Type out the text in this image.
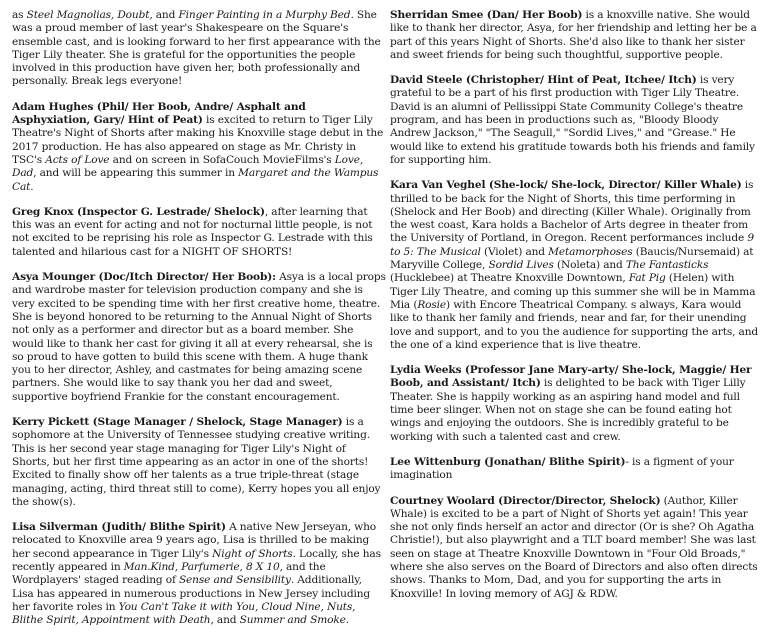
as Steel Magnolias, Doubt, and Finger Painting in a Murphy Bed. She was a proud member of last year's Shakespeare on the Square's ensemble cast, and is looking forward to her first appearance with the Tiger Lily theater. She is grateful for the opportunities the people involved in this production have given her, both professionally and personally. Break legs everyone!

Adam Hughes (Phil/ Her Boob, Andre/ Asphalt and Asphyxiation, Gary/ Hint of Peat) is excited to return to Tiger Lily Theatre's Night of Shorts after making his Knoxville stage debut in the 2017 production. He has also appeared on stage as Mr. Christy in TSC's Acts of Love and on screen in SofaCouch MovieFilms's Love, Dad, and will be appearing this summer in Margaret and the Wampus Cat.

Greg Knox (Inspector G. Lestrade/ Shelock), after learning that this was an event for acting and not for nocturnal little people, is not not excited to be reprising his role as Inspector G. Lestrade with this talented and hilarious cast for a NIGHT OF SHORTS!

Asya Mounger (Doc/Itch Director/ Her Boob): Asya is a local props and wardrobe master for television production company and she is very excited to be spending time with her first creative home, theatre. She is beyond honored to be returning to the Annual Night of Shorts not only as a performer and director but as a board member. She would like to thank her cast for giving it all at every rehearsal, she is so proud to have gotten to build this scene with them. A huge thank you to her director, Ashley, and castmates for being amazing scene partners. She would like to say thank you her dad and sweet, supportive boyfriend Frankie for the constant encouragement.

Kerry Pickett (Stage Manager / Shelock, Stage Manager) is a sophomore at the University of Tennessee studying creative writing. This is her second year stage managing for Tiger Lily's Night of Shorts, but her first time appearing as an actor in one of the shorts! Excited to finally show off her talents as a true triple-threat (stage managing, acting, third threat still to come), Kerry hopes you all enjoy the show(s).

Lisa Silverman (Judith/ Blithe Spirit) A native New Jerseyan, who relocated to Knoxville area 9 years ago, Lisa is thrilled to be making her second appearance in Tiger Lily's Night of Shorts. Locally, she has recently appeared in Man.Kind, Parfumerie, 8 X 10, and the Wordplayers' staged reading of Sense and Sensibility. Additionally, Lisa has appeared in numerous productions in New Jersey including her favorite roles in You Can't Take it with You, Cloud Nine, Nuts, Blithe Spirit, Appointment with Death, and Summer and Smoke.

Sherridan Smee (Dan/ Her Boob) is a knoxville native. She would like to thank her director, Asya, for her friendship and letting her be a part of this years Night of Shorts. She'd also like to thank her sister and sweet friends for being such thoughtful, supportive people.

David Steele (Christopher/ Hint of Peat, Itchee/ Itch) is very grateful to be a part of his first production with Tiger Lily Theatre. David is an alumni of Pellissippi State Community College's theatre program, and has been in productions such as, "Bloody Bloody Andrew Jackson," "The Seagull," "Sordid Lives," and "Grease." He would like to extend his gratitude towards both his friends and family for supporting him.

Kara Van Veghel (She-lock/ She-lock, Director/ Killer Whale) is thrilled to be back for the Night of Shorts, this time performing in (Shelock and Her Boob) and directing (Killer Whale). Originally from the west coast, Kara holds a Bachelor of Arts degree in theater from the University of Portland, in Oregon. Recent performances include 9 to 5: The Musical (Violet) and Metamorphoses (Baucis/Nursemaid) at Maryville College, Sordid Lives (Noleta) and The Fantasticks (Hucklebee) at Theatre Knoxville Downtown, Fat Pig (Helen) with Tiger Lily Theatre, and coming up this summer she will be in Mamma Mia (Rosie) with Encore Theatrical Company. s always, Kara would like to thank her family and friends, near and far, for their unending love and support, and to you the audience for supporting the arts, and the one of a kind experience that is live theatre.

Lydia Weeks (Professor Jane Mary-arty/ She-lock, Maggie/ Her Boob, and Assistant/ Itch) is delighted to be back with Tiger Lilly Theater. She is happily working as an aspiring hand model and full time beer slinger. When not on stage she can be found eating hot wings and enjoying the outdoors. She is incredibly grateful to be working with such a talented cast and crew.

Lee Wittenburg (Jonathan/ Blithe Spirit)- is a figment of your imagination

Courtney Woolard (Director/Director, Shelock) (Author, Killer Whale) is excited to be a part of Night of Shorts yet again! This year she not only finds herself an actor and director (Or is she? Oh Agatha Christie!), but also playwright and a TLT board member! She was last seen on stage at Theatre Knoxville Downtown in "Four Old Broads," where she also serves on the Board of Directors and also often directs shows. Thanks to Mom, Dad, and you for supporting the arts in Knoxville! In loving memory of AGJ & RDW.
